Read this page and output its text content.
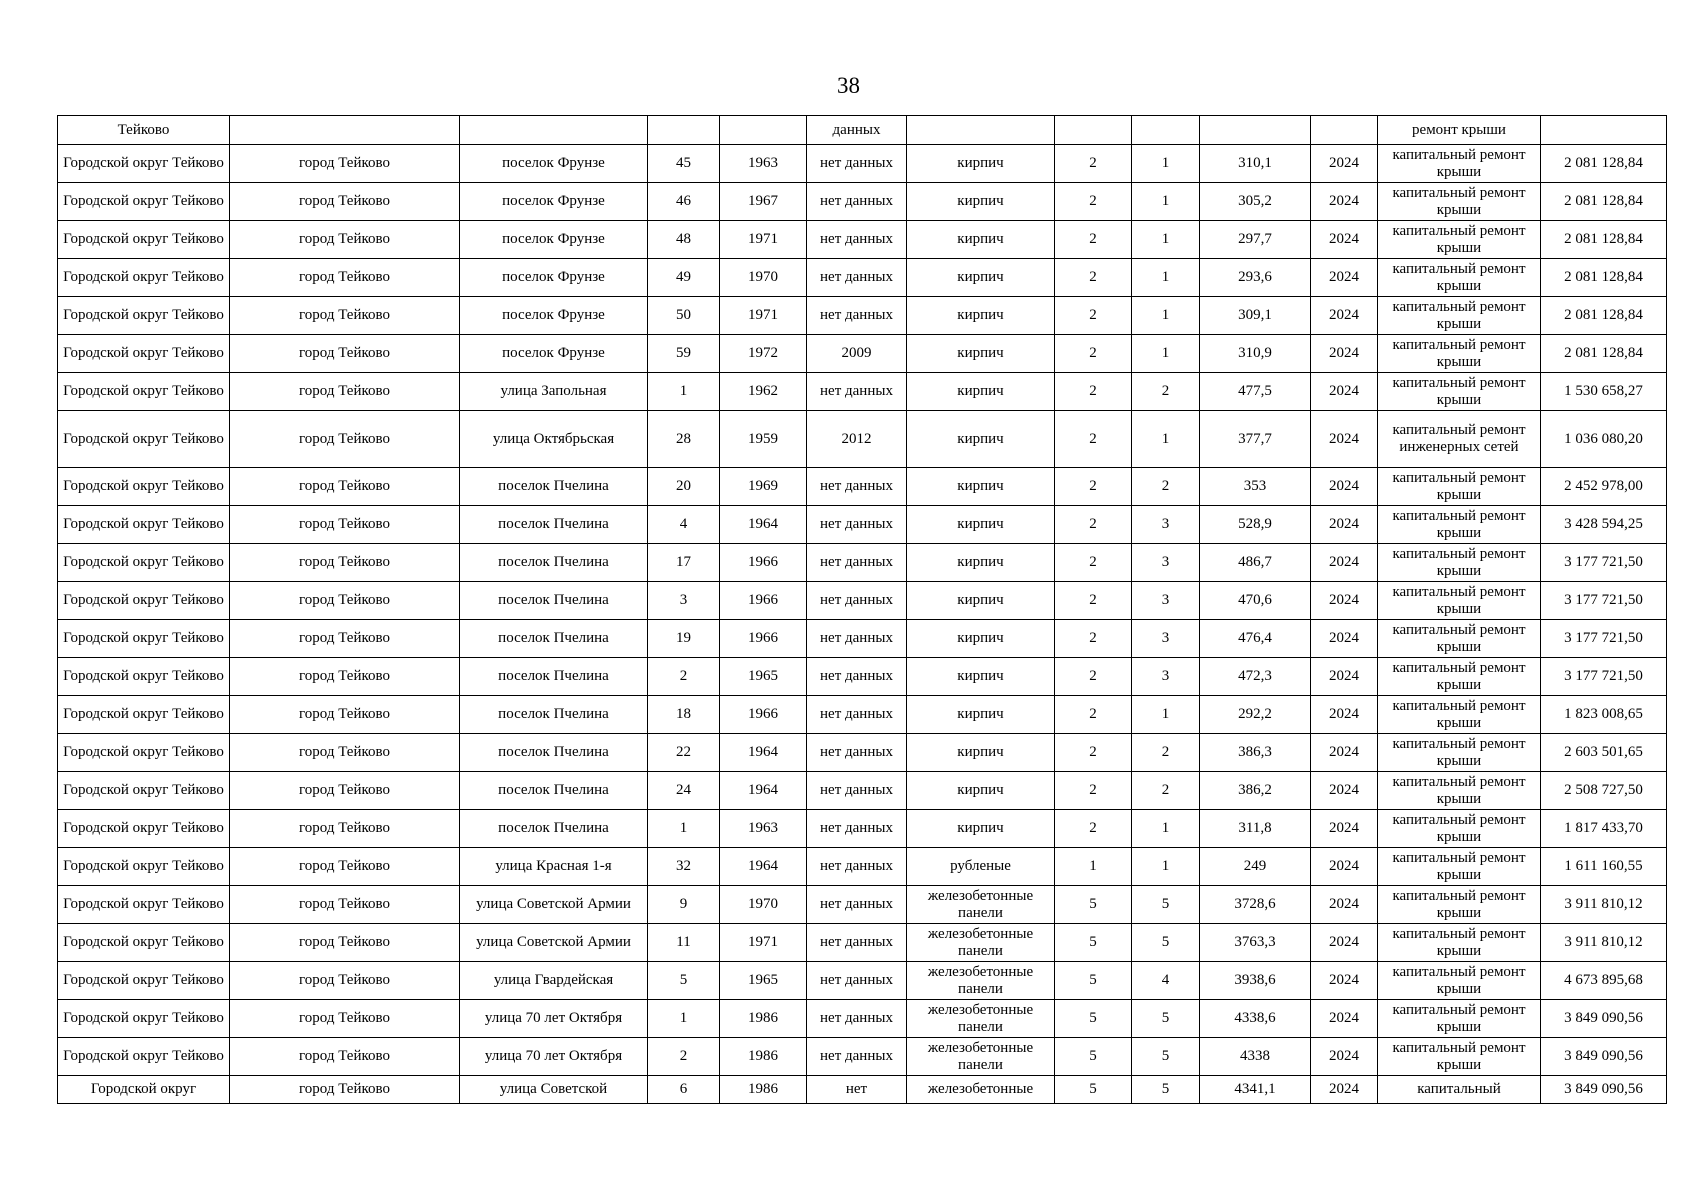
38
Тейково					данных						ремонт крыши	

Городской округ Тейково	город Тейково	поселок Фрунзе	45	1963	нет данных	кирпич	2	1	310,1	2024	капитальный ремонт крыши	2 081 128,84

Городской округ Тейково	город Тейково	поселок Фрунзе	46	1967	нет данных	кирпич	2	1	305,2	2024	капитальный ремонт крыши	2 081 128,84

Городской округ Тейково	город Тейково	поселок Фрунзе	48	1971	нет данных	кирпич	2	1	297,7	2024	капитальный ремонт крыши	2 081 128,84

Городской округ Тейково	город Тейково	поселок Фрунзе	49	1970	нет данных	кирпич	2	1	293,6	2024	капитальный ремонт крыши	2 081 128,84

Городской округ Тейково	город Тейково	поселок Фрунзе	50	1971	нет данных	кирпич	2	1	309,1	2024	капитальный ремонт крыши	2 081 128,84

Городской округ Тейково	город Тейково	поселок Фрунзе	59	1972	2009	кирпич	2	1	310,9	2024	капитальный ремонт крыши	2 081 128,84

Городской округ Тейково	город Тейково	улица Запольная	1	1962	нет данных	кирпич	2	2	477,5	2024	капитальный ремонт крыши	1 530 658,27

Городской округ Тейково	город Тейково	улица Октябрьская	28	1959	2012	кирпич	2	1	377,7	2024	капитальный ремонт инженерных сетей	1 036 080,20

Городской округ Тейково	город Тейково	поселок Пчелина	20	1969	нет данных	кирпич	2	2	353	2024	капитальный ремонт крыши	2 452 978,00

Городской округ Тейково	город Тейково	поселок Пчелина	4	1964	нет данных	кирпич	2	3	528,9	2024	капитальный ремонт крыши	3 428 594,25

Городской округ Тейково	город Тейково	поселок Пчелина	17	1966	нет данных	кирпич	2	3	486,7	2024	капитальный ремонт крыши	3 177 721,50

Городской округ Тейково	город Тейково	поселок Пчелина	3	1966	нет данных	кирпич	2	3	470,6	2024	капитальный ремонт крыши	3 177 721,50

Городской округ Тейково	город Тейково	поселок Пчелина	19	1966	нет данных	кирпич	2	3	476,4	2024	капитальный ремонт крыши	3 177 721,50

Городской округ Тейково	город Тейково	поселок Пчелина	2	1965	нет данных	кирпич	2	3	472,3	2024	капитальный ремонт крыши	3 177 721,50

Городской округ Тейково	город Тейково	поселок Пчелина	18	1966	нет данных	кирпич	2	1	292,2	2024	капитальный ремонт крыши	1 823 008,65

Городской округ Тейково	город Тейково	поселок Пчелина	22	1964	нет данных	кирпич	2	2	386,3	2024	капитальный ремонт крыши	2 603 501,65

Городской округ Тейково	город Тейково	поселок Пчелина	24	1964	нет данных	кирпич	2	2	386,2	2024	капитальный ремонт крыши	2 508 727,50

Городской округ Тейково	город Тейково	поселок Пчелина	1	1963	нет данных	кирпич	2	1	311,8	2024	капитальный ремонт крыши	1 817 433,70

Городской округ Тейково	город Тейково	улица Красная 1-я	32	1964	нет данных	рубленые	1	1	249	2024	капитальный ремонт крыши	1 611 160,55

Городской округ Тейково	город Тейково	улица Советской Армии	9	1970	нет данных	железобетонные панели	5	5	3728,6	2024	капитальный ремонт крыши	3 911 810,12

Городской округ Тейково	город Тейково	улица Советской Армии	11	1971	нет данных	железобетонные панели	5	5	3763,3	2024	капитальный ремонт крыши	3 911 810,12

Городской округ Тейково	город Тейково	улица Гвардейская	5	1965	нет данных	железобетонные панели	5	4	3938,6	2024	капитальный ремонт крыши	4 673 895,68

Городской округ Тейково	город Тейково	улица 70 лет Октября	1	1986	нет данных	железобетонные панели	5	5	4338,6	2024	капитальный ремонт крыши	3 849 090,56

Городской округ Тейково	город Тейково	улица 70 лет Октября	2	1986	нет данных	железобетонные панели	5	5	4338	2024	капитальный ремонт крыши	3 849 090,56

Городской округ	город Тейково	улица Советской	6	1986	нет	железобетонные	5	5	4341,1	2024	капитальный	3 849 090,56
